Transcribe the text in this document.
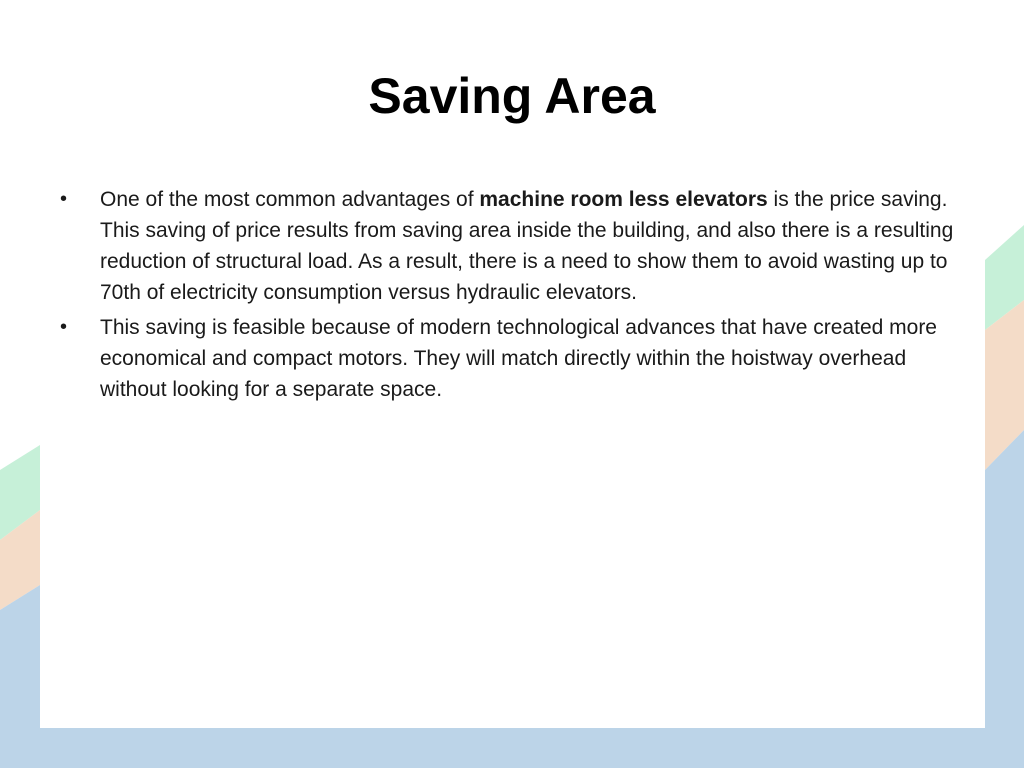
Saving Area
• One of the most common advantages of machine room less elevators is the price saving. This saving of price results from saving area inside the building, and also there is a resulting reduction of structural load. As a result, there is a need to show them to avoid wasting up to 70th of electricity consumption versus hydraulic elevators.
• This saving is feasible because of modern technological advances that have created more economical and compact motors. They will match directly within the hoistway overhead without looking for a separate space.
